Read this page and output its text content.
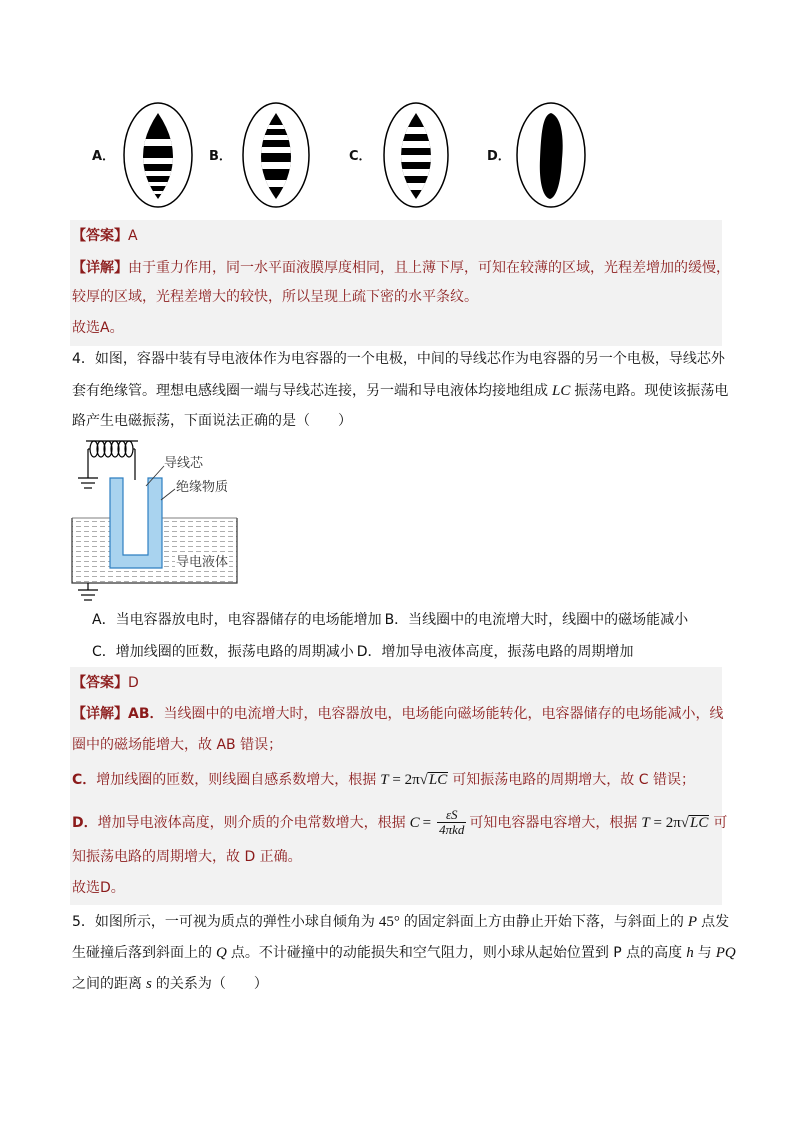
A．	B．	C．	D．
【答案】A
【详解】由于重力作用，同一水平面液膜厚度相同，且上薄下厚，可知在较薄的区域，光程差增加的缓慢，
较厚的区域，光程差增大的较快，所以呈现上疏下密的水平条纹。
故选A。
4．如图，容器中装有导电液体作为电容器的一个电极，中间的导线芯作为电容器的另一个电极，导线芯外
套有绝缘管。理想电感线圈一端与导线芯连接，另一端和导电液体均接地组成 LC 振荡电路。现使该振荡电
路产生电磁振荡，下面说法正确的是（　　）
导线芯
绝缘物质
导电液体
A．当电容器放电时，电容器储存的电场能增加 B．当线圈中的电流增大时，线圈中的磁场能减小
C．增加线圈的匝数，振荡电路的周期减小 D．增加导电液体高度，振荡电路的周期增加
【答案】D
【详解】AB．当线圈中的电流增大时，电容器放电，电场能向磁场能转化，电容器储存的电场能减小，线
圈中的磁场能增大，故 AB 错误；
C．增加线圈的匝数，则线圈自感系数增大，根据 T = 2π√LC 可知振荡电路的周期增大，故 C 错误；
D． 增加导电液体高度，则介质的介电常数增大，根据 $C = \frac{\varepsilon S}{\text{4πkd}}$ 可知电容器电容增大，根据 T = 2π√LC 可
知振荡电路的周期增大，故 D 正确。
故选D。
5．如图所示，一可视为质点的弹性小球自倾角为 45° 的固定斜面上方由静止开始下落，与斜面上的 P 点发
生碰撞后落到斜面上的 Q 点。不计碰撞中的动能损失和空气阻力，则小球从起始位置到 P 点的高度 h 与 PQ
之间的距离 s 的关系为（　　）
